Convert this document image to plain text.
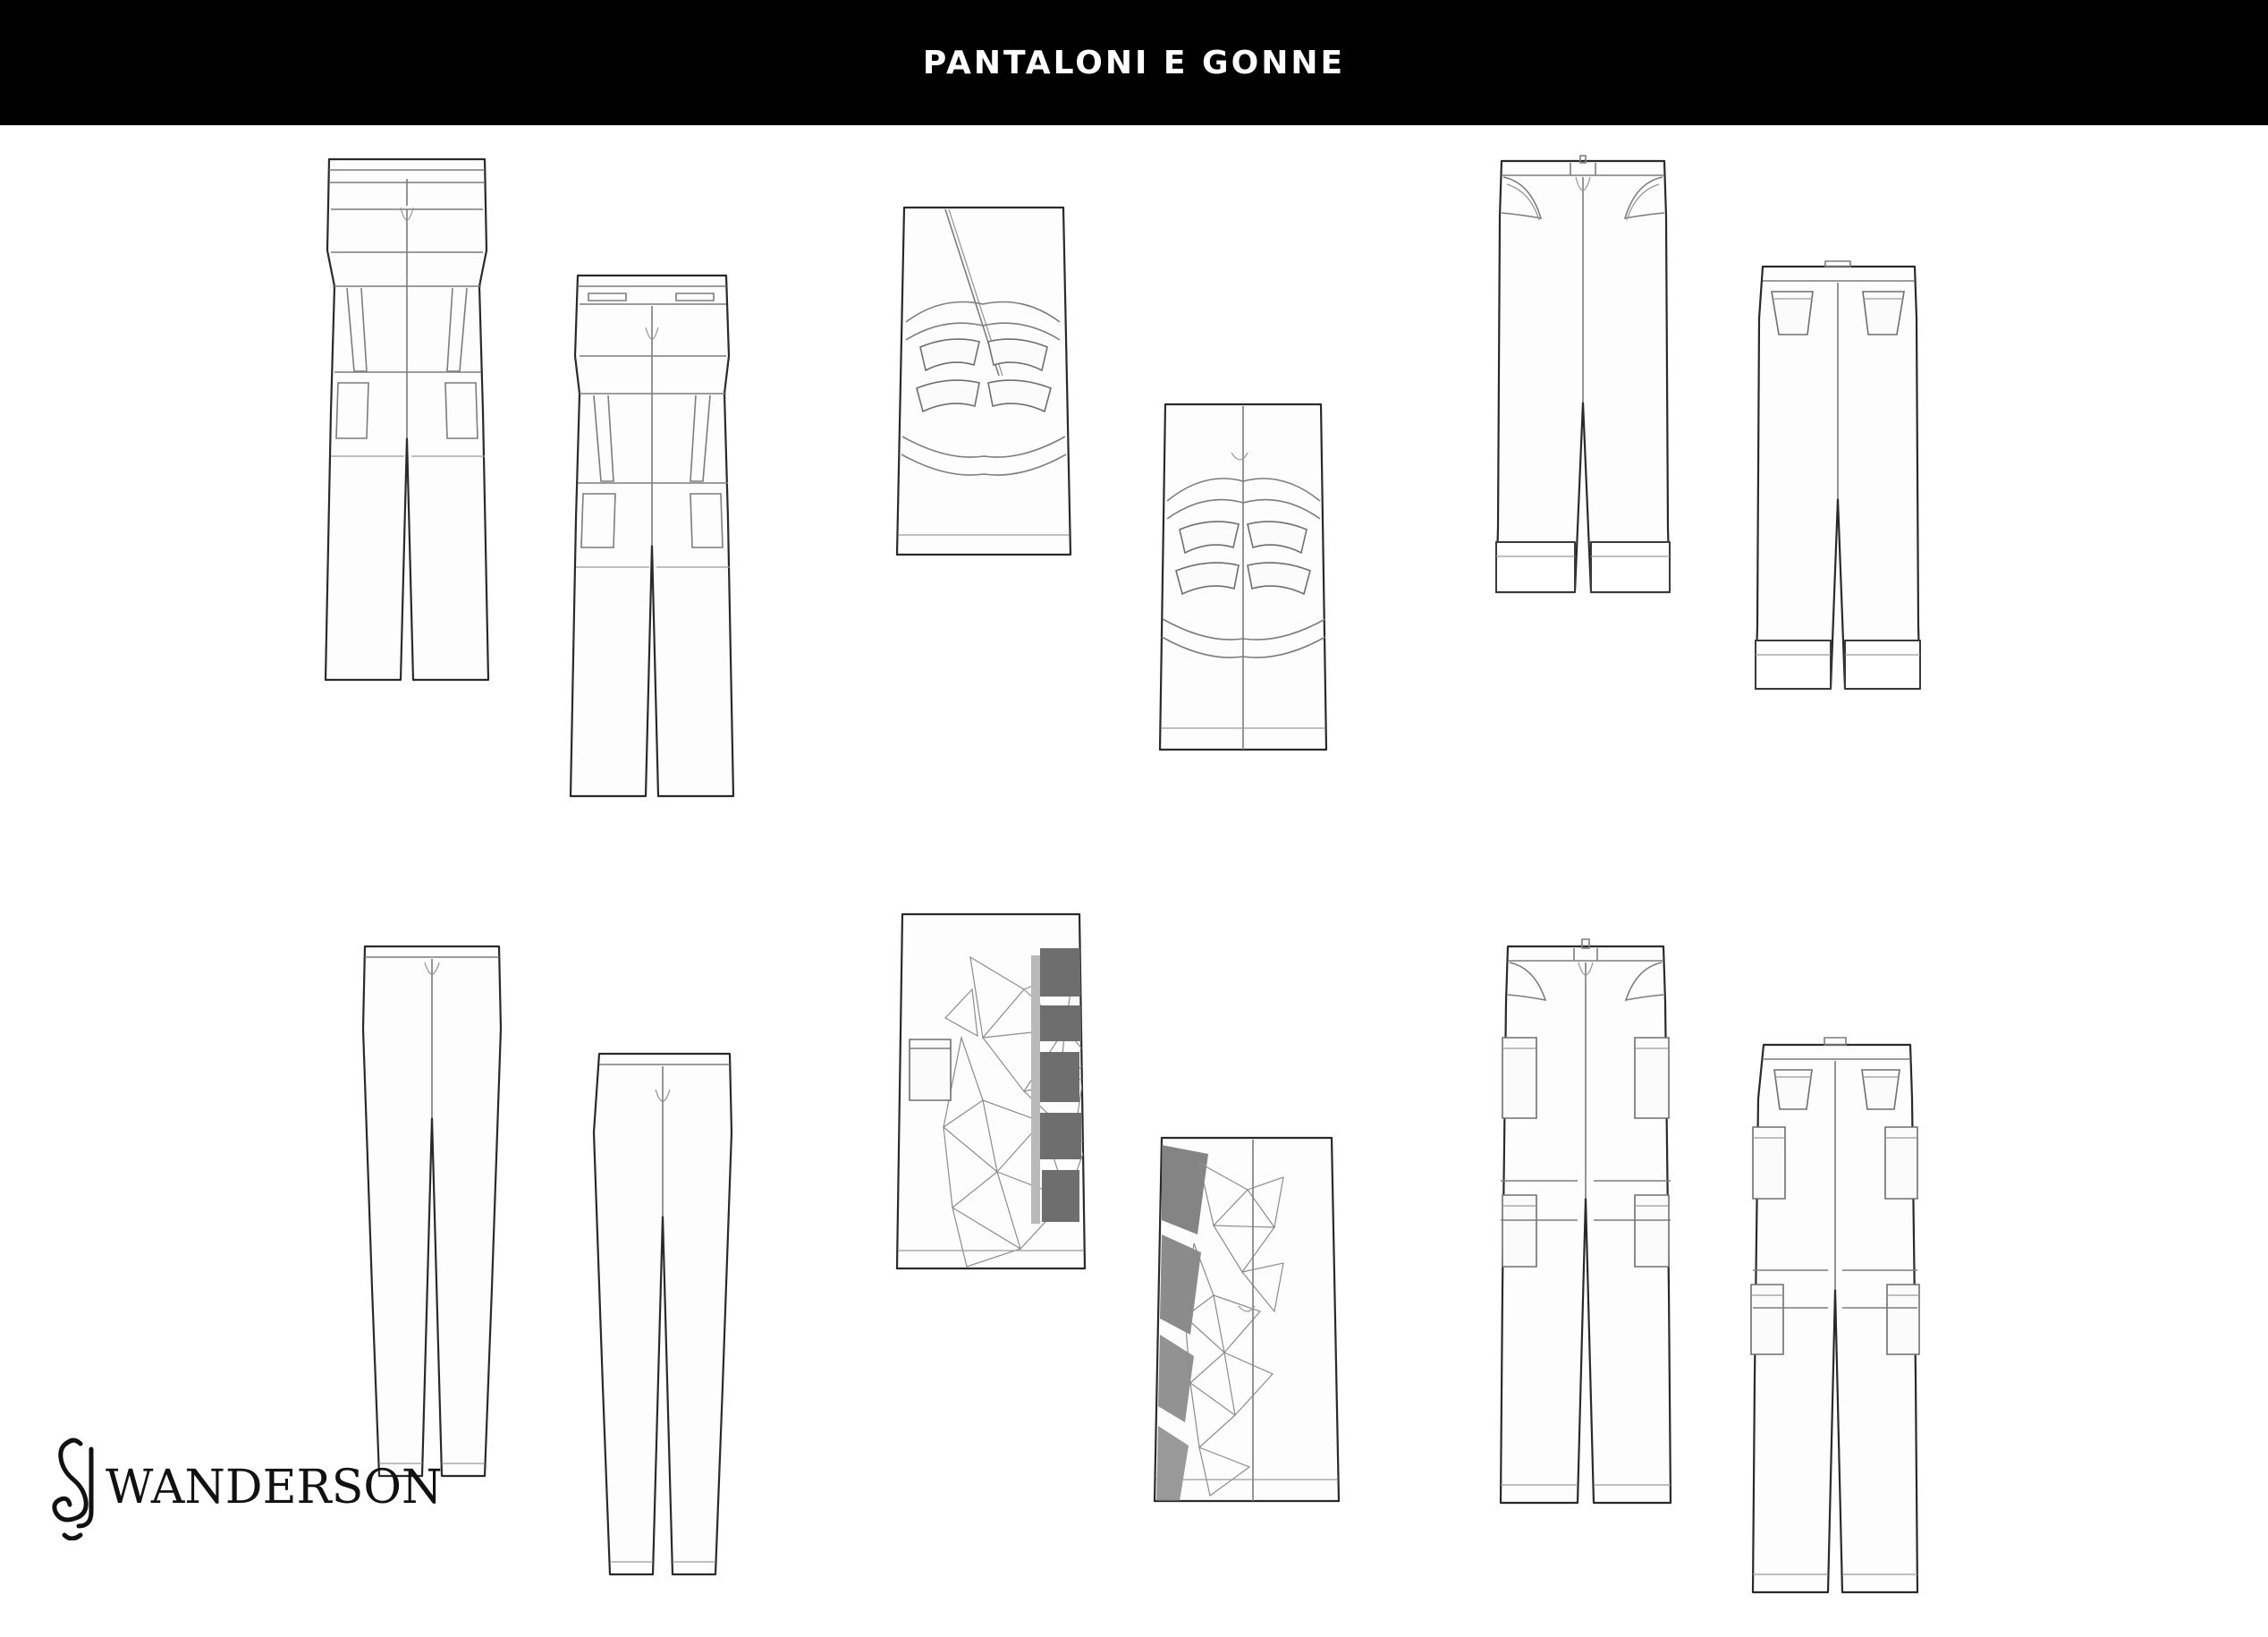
PANTALONI E GONNE
WANDERSON
